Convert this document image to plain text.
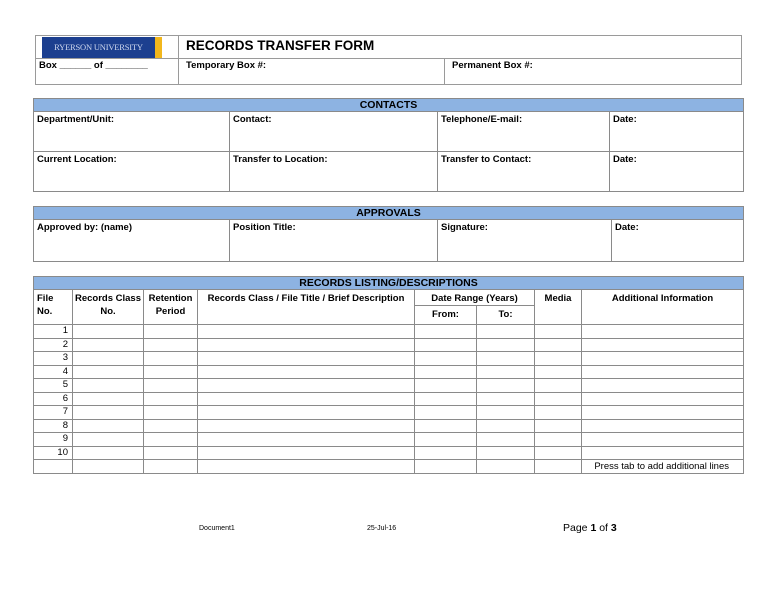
	RECORDS TRANSFER FORM	
Box ______ of ________	Temporary Box #:	Permanent Box #:
RYERSON UNIVERSITY
CONTACTS
Department/Unit:	Contact:	Telephone/E-mail:	Date:
Current Location:	Transfer to Location:	Transfer to Contact:	Date:
APPROVALS
Approved by: (name)	Position Title:	Signature:	Date:
RECORDS LISTING/DESCRIPTIONS
File No.	Records Class No.	Retention Period	Records Class / File Title / Brief Description	Date Range (Years)		Media	Additional Information
				From:	To:		
1							
2							
3							
4							
5							
6							
7							
8							
9							
10							
							Press tab to add additional lines
Document1	25-Jul-16	Page 1 of 3
